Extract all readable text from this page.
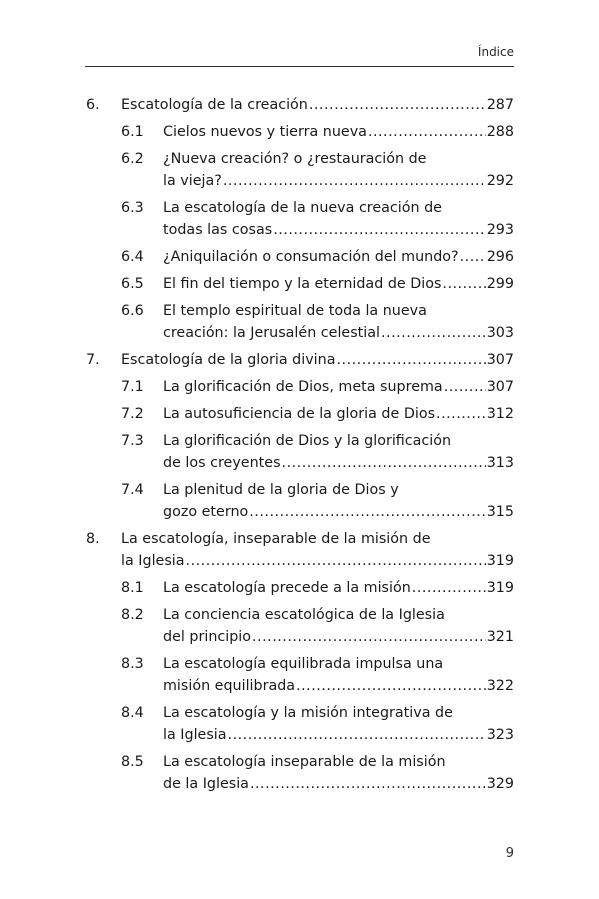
Índice
6. Escatología de la creación .....	287
6.1 Cielos nuevos y tierra nueva .....	288
6.2 ¿Nueva creación? o ¿restauración de
la vieja? .....	292
6.3 La escatología de la nueva creación de
todas las cosas .....	293
6.4 ¿Aniquilación o consumación del mundo? ..... 296
6.5 El fin del tiempo y la eternidad de Dios .....	299
6.6 El templo espiritual de toda la nueva
creación: la Jerusalén celestial .....	303
7. Escatología de la gloria divina .....	307
7.1 La glorificación de Dios, meta suprema .....	307
7.2 La autosuficiencia de la gloria de Dios .....	312
7.3 La glorificación de Dios y la glorificación
de los creyentes .....	313
7.4 La plenitud de la gloria de Dios y
gozo eterno .....	315
8. La escatología, inseparable de la misión de
la Iglesia .....	319
8.1 La escatología precede a la misión .....	319
8.2 La conciencia escatológica de la Iglesia
del principio .....	321
8.3 La escatología equilibrada impulsa una
misión equilibrada .....	322
8.4 La escatología y la misión integrativa de
la Iglesia .....	323
8.5 La escatología inseparable de la misión
de la Iglesia .....	329
9
